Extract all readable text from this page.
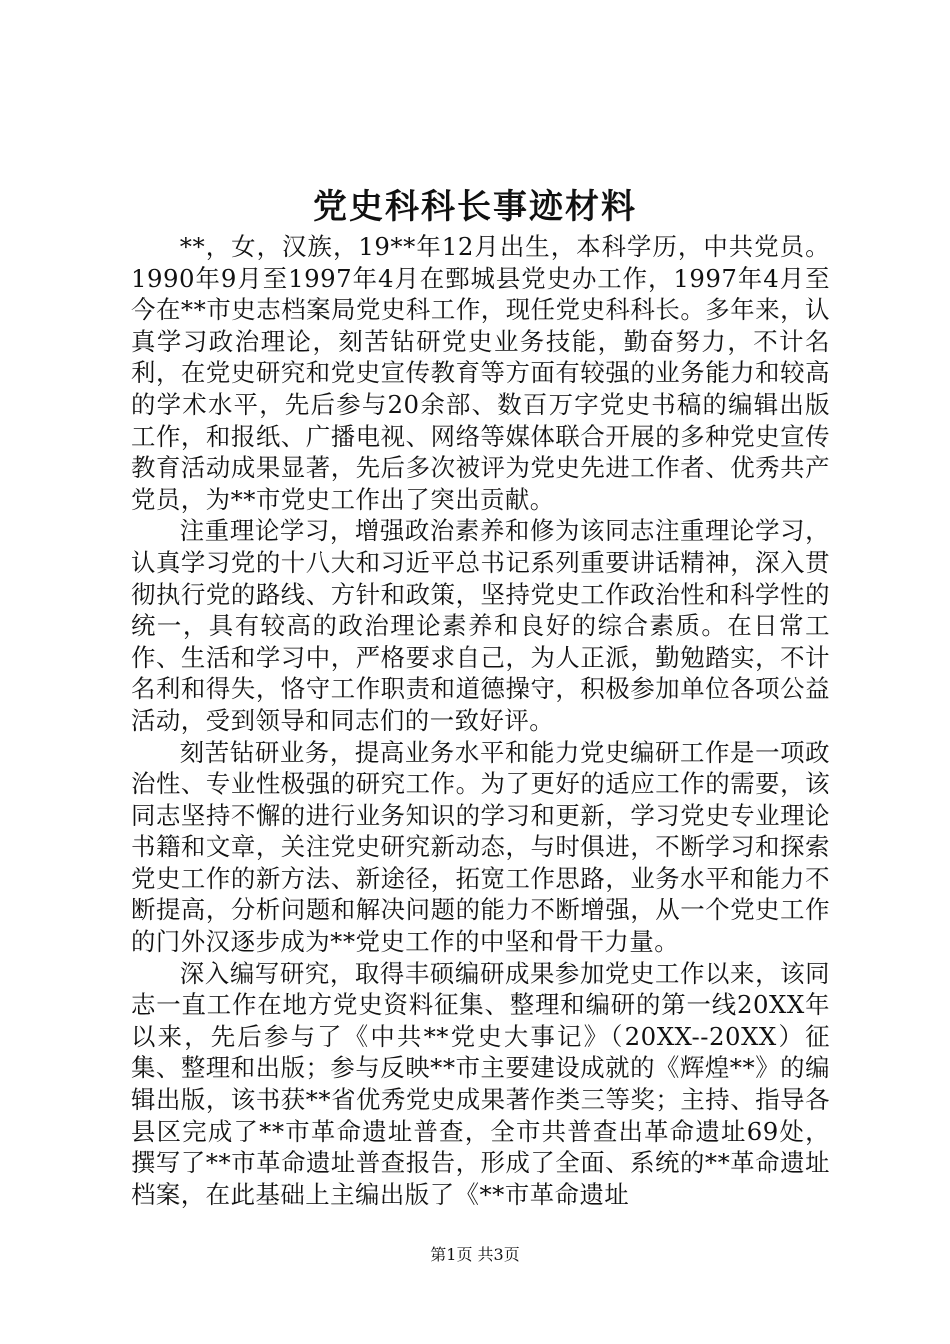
党史科科长事迹材料

**，女，汉族，19**年12月出生，本科学历，中共党员。1990年9月至1997年4月在鄄城县党史办工作，1997年4月至今在**市史志档案局党史科工作，现任党史科科长。多年来，认真学习政治理论，刻苦钻研党史业务技能，勤奋努力，不计名利，在党史研究和党史宣传教育等方面有较强的业务能力和较高的学术水平，先后参与20余部、数百万字党史书稿的编辑出版工作，和报纸、广播电视、网络等媒体联合开展的多种党史宣传教育活动成果显著，先后多次被评为党史先进工作者、优秀共产党员，为**市党史工作出了突出贡献。

注重理论学习，增强政治素养和修为该同志注重理论学习，认真学习党的十八大和习近平总书记系列重要讲话精神，深入贯彻执行党的路线、方针和政策，坚持党史工作政治性和科学性的统一，具有较高的政治理论素养和良好的综合素质。在日常工作、生活和学习中，严格要求自己，为人正派，勤勉踏实，不计名利和得失，恪守工作职责和道德操守，积极参加单位各项公益活动，受到领导和同志们的一致好评。

刻苦钻研业务，提高业务水平和能力党史编研工作是一项政治性、专业性极强的研究工作。为了更好的适应工作的需要，该同志坚持不懈的进行业务知识的学习和更新，学习党史专业理论书籍和文章，关注党史研究新动态，与时俱进，不断学习和探索党史工作的新方法、新途径，拓宽工作思路，业务水平和能力不断提高，分析问题和解决问题的能力不断增强，从一个党史工作的门外汉逐步成为**党史工作的中坚和骨干力量。

深入编写研究，取得丰硕编研成果参加党史工作以来，该同志一直工作在地方党史资料征集、整理和编研的第一线20XX年以来，先后参与了《中共**党史大事记》（20XX--20XX）征集、整理和出版；参与反映**市主要建设成就的《辉煌**》的编辑出版，该书获**省优秀党史成果著作类三等奖；主持、指导各县区完成了**市革命遗址普查，全市共普查出革命遗址69处，撰写了**市革命遗址普查报告，形成了全面、系统的**革命遗址档案，在此基础上主编出版了《**市革命遗址

第1页 共3页
